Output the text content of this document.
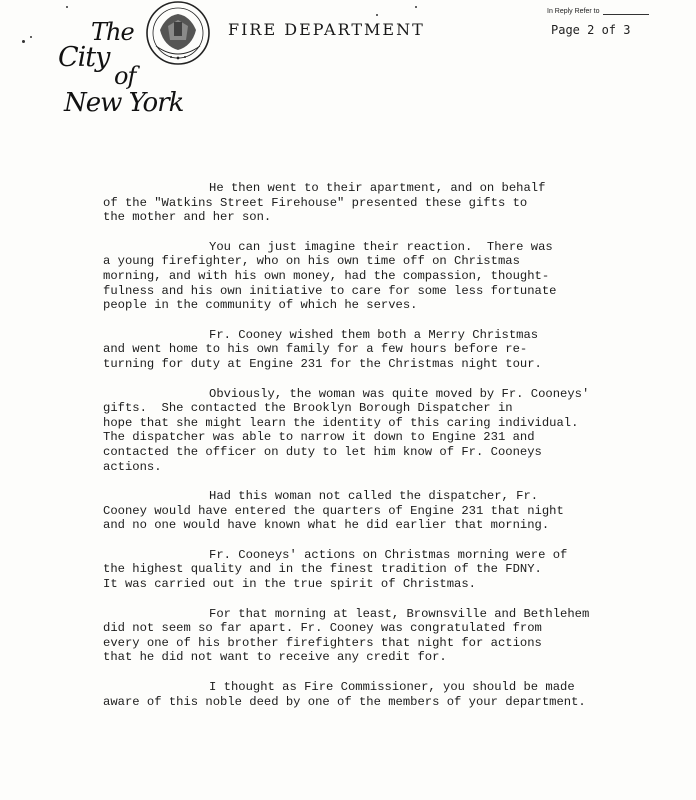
The
City
of
New York
FIRE DEPARTMENT
In Reply Refer to
Page 2 of 3
He then went to their apartment, and on behalf
of the "Watkins Street Firehouse" presented these gifts to
the mother and her son.
You can just imagine their reaction.  There was
a young firefighter, who on his own time off on Christmas
morning, and with his own money, had the compassion, thought-
fulness and his own initiative to care for some less fortunate
people in the community of which he serves.
Fr. Cooney wished them both a Merry Christmas
and went home to his own family for a few hours before re-
turning for duty at Engine 231 for the Christmas night tour.
Obviously, the woman was quite moved by Fr. Cooneys'
gifts.  She contacted the Brooklyn Borough Dispatcher in
hope that she might learn the identity of this caring individual.
The dispatcher was able to narrow it down to Engine 231 and
contacted the officer on duty to let him know of Fr. Cooneys
actions.
Had this woman not called the dispatcher, Fr.
Cooney would have entered the quarters of Engine 231 that night
and no one would have known what he did earlier that morning.
Fr. Cooneys' actions on Christmas morning were of
the highest quality and in the finest tradition of the FDNY.
It was carried out in the true spirit of Christmas.
For that morning at least, Brownsville and Bethlehem
did not seem so far apart. Fr. Cooney was congratulated from
every one of his brother firefighters that night for actions
that he did not want to receive any credit for.
I thought as Fire Commissioner, you should be made
aware of this noble deed by one of the members of your department.
